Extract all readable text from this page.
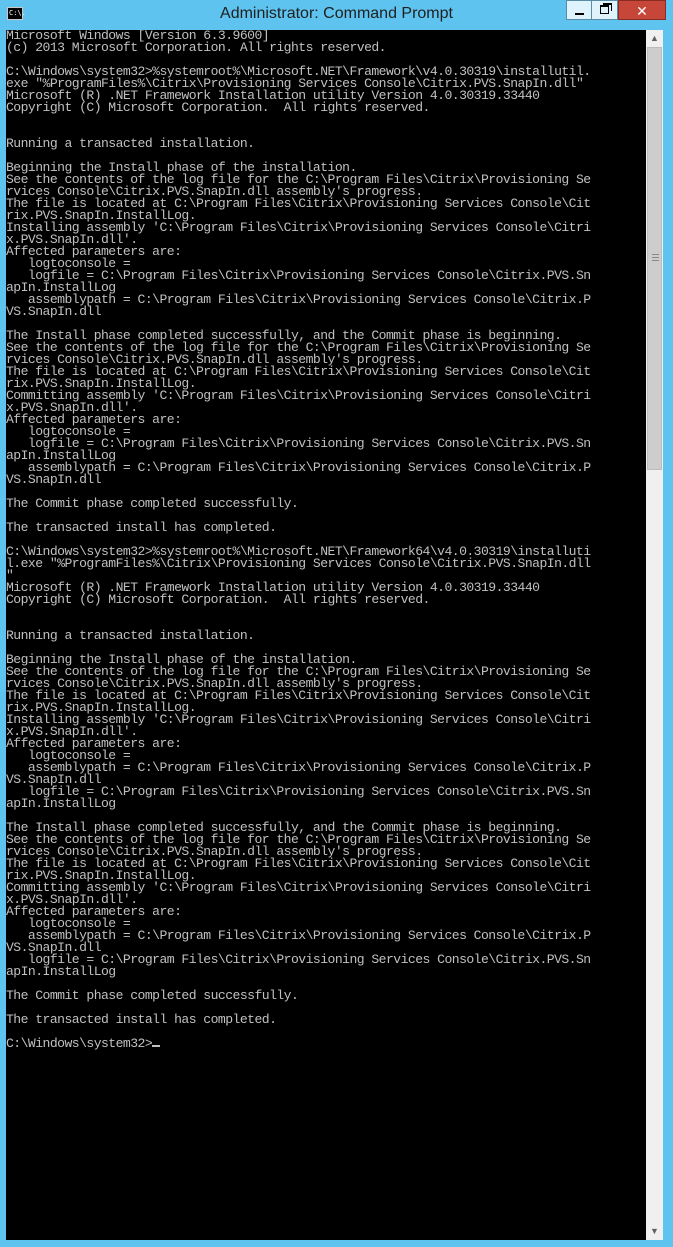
C:\.	Administrator: Command Prompt	✕
Microsoft Windows [Version 6.3.9600]
(c) 2013 Microsoft Corporation. All rights reserved.

C:\Windows\system32>%systemroot%\Microsoft.NET\Framework\v4.0.30319\installutil.
exe "%ProgramFiles%\Citrix\Provisioning Services Console\Citrix.PVS.SnapIn.dll"
Microsoft (R) .NET Framework Installation utility Version 4.0.30319.33440
Copyright (C) Microsoft Corporation.  All rights reserved.

Running a transacted installation.

Beginning the Install phase of the installation.
See the contents of the log file for the C:\Program Files\Citrix\Provisioning Se
rvices Console\Citrix.PVS.SnapIn.dll assembly's progress.
The file is located at C:\Program Files\Citrix\Provisioning Services Console\Cit
rix.PVS.SnapIn.InstallLog.
Installing assembly 'C:\Program Files\Citrix\Provisioning Services Console\Citri
x.PVS.SnapIn.dll'.
Affected parameters are:
logtoconsole =
logfile = C:\Program Files\Citrix\Provisioning Services Console\Citrix.PVS.Sn
apIn.InstallLog
assemblypath = C:\Program Files\Citrix\Provisioning Services Console\Citrix.P
VS.SnapIn.dll

The Install phase completed successfully, and the Commit phase is beginning.
See the contents of the log file for the C:\Program Files\Citrix\Provisioning Se
rvices Console\Citrix.PVS.SnapIn.dll assembly's progress.
The file is located at C:\Program Files\Citrix\Provisioning Services Console\Cit
rix.PVS.SnapIn.InstallLog.
Committing assembly 'C:\Program Files\Citrix\Provisioning Services Console\Citri
x.PVS.SnapIn.dll'.
Affected parameters are:
logtoconsole =
logfile = C:\Program Files\Citrix\Provisioning Services Console\Citrix.PVS.Sn
apIn.InstallLog
assemblypath = C:\Program Files\Citrix\Provisioning Services Console\Citrix.P
VS.SnapIn.dll

The Commit phase completed successfully.

The transacted install has completed.

C:\Windows\system32>%systemroot%\Microsoft.NET\Framework64\v4.0.30319\installuti
l.exe "%ProgramFiles%\Citrix\Provisioning Services Console\Citrix.PVS.SnapIn.dll
"
Microsoft (R) .NET Framework Installation utility Version 4.0.30319.33440
Copyright (C) Microsoft Corporation.  All rights reserved.

Running a transacted installation.

Beginning the Install phase of the installation.
See the contents of the log file for the C:\Program Files\Citrix\Provisioning Se
rvices Console\Citrix.PVS.SnapIn.dll assembly's progress.
The file is located at C:\Program Files\Citrix\Provisioning Services Console\Cit
rix.PVS.SnapIn.InstallLog.
Installing assembly 'C:\Program Files\Citrix\Provisioning Services Console\Citri
x.PVS.SnapIn.dll'.
Affected parameters are:
logtoconsole =
assemblypath = C:\Program Files\Citrix\Provisioning Services Console\Citrix.P
VS.SnapIn.dll
logfile = C:\Program Files\Citrix\Provisioning Services Console\Citrix.PVS.Sn
apIn.InstallLog

The Install phase completed successfully, and the Commit phase is beginning.
See the contents of the log file for the C:\Program Files\Citrix\Provisioning Se
rvices Console\Citrix.PVS.SnapIn.dll assembly's progress.
The file is located at C:\Program Files\Citrix\Provisioning Services Console\Cit
rix.PVS.SnapIn.InstallLog.
Committing assembly 'C:\Program Files\Citrix\Provisioning Services Console\Citri
x.PVS.SnapIn.dll'.
Affected parameters are:
logtoconsole =
assemblypath = C:\Program Files\Citrix\Provisioning Services Console\Citrix.P
VS.SnapIn.dll
logfile = C:\Program Files\Citrix\Provisioning Services Console\Citrix.PVS.Sn
apIn.InstallLog

The Commit phase completed successfully.

The transacted install has completed.

C:\Windows\system32>
▲
▼
